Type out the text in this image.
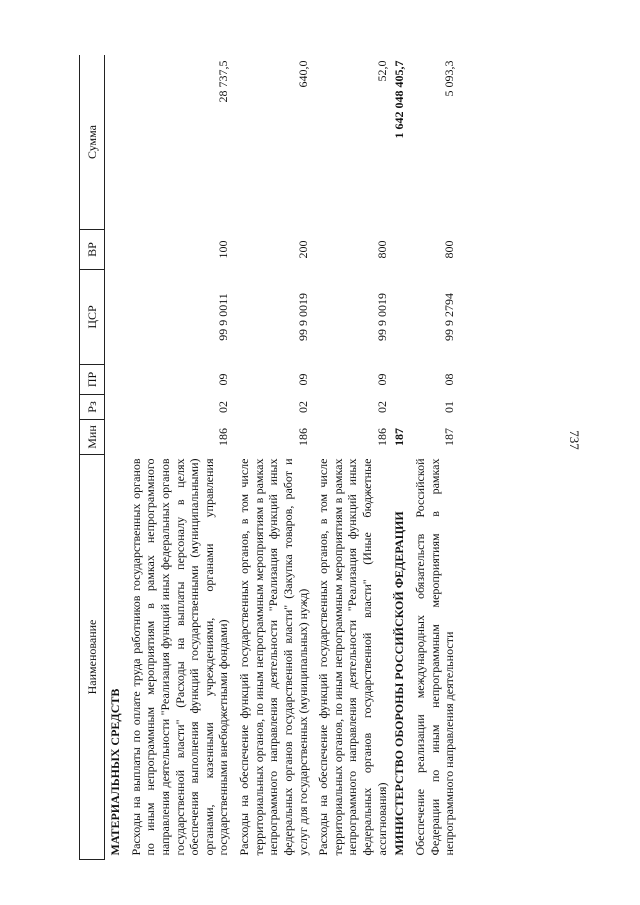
737
Наименование	Мин	Рз	ПР	ЦСР	ВР	Сумма
МАТЕРИАЛЬНЫХ СРЕДСТВ						
Расходы на выплаты по оплате труда работников государственных органов по иным непрограммным мероприятиям в рамках непрограммного направления деятельности "Реализация функций иных федеральных органов государственной власти" (Расходы на выплаты персоналу в целях обеспечения выполнения функций государственными (муниципальными) органами, казенными учреждениями, органами управления государственными внебюджетными фондами)	186	02	09	99 9 0011	100	28 737,5
Расходы на обеспечение функций государственных органов, в том числе территориальных органов, по иным непрограммным мероприятиям в рамках непрограммного направления деятельности "Реализация функций иных федеральных органов государственной власти" (Закупка товаров, работ и услуг для государственных (муниципальных) нужд)	186	02	09	99 9 0019	200	640,0
Расходы на обеспечение функций государственных органов, в том числе территориальных органов, по иным непрограммным мероприятиям в рамках непрограммного направления деятельности "Реализация функций иных федеральных органов государственной власти" (Иные бюджетные ассигнования)	186	02	09	99 9 0019	800	52,0
МИНИСТЕРСТВО ОБОРОНЫ РОССИЙСКОЙ ФЕДЕРАЦИИ	187					1 642 048 405,7
Обеспечение реализации международных обязательств Российской Федерации по иным непрограммным мероприятиям в рамках непрограммного направления деятельности	187	01	08	99 9 2794	800	5 093,3
